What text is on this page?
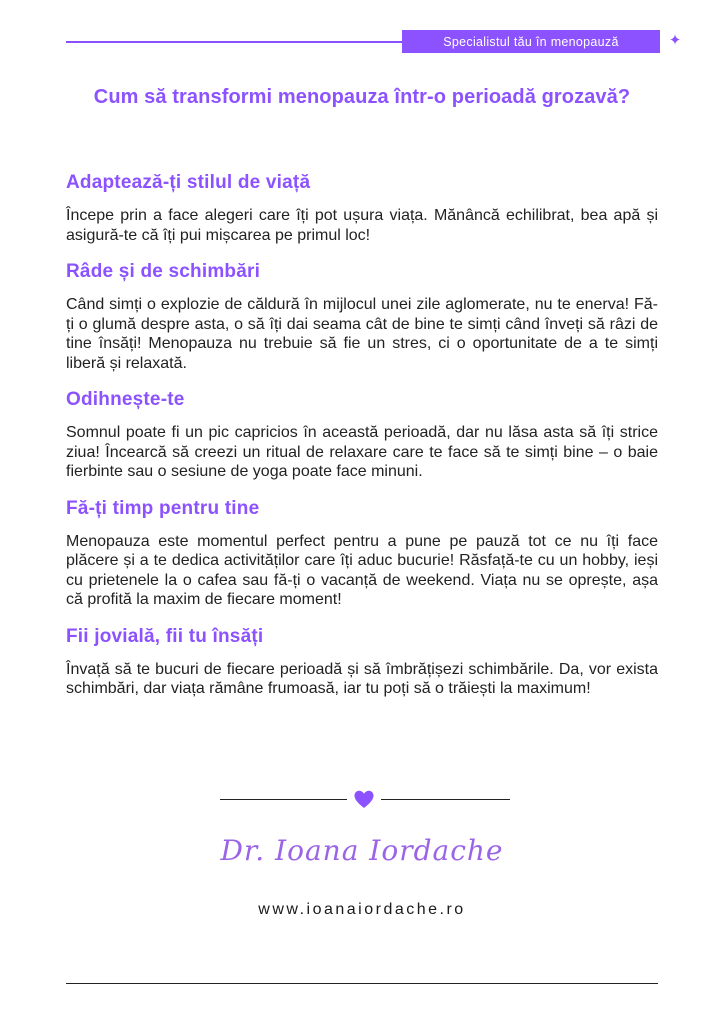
Specialistul tău în menopauză	✦
Cum să transformi menopauza într-o perioadă grozavă?
Adaptează-ți stilul de viață

Începe prin a face alegeri care îți pot ușura viața. Mănâncă echilibrat, bea apă și asigură-te că îți pui mișcarea pe primul loc!

Râde și de schimbări

Când simți o explozie de căldură în mijlocul unei zile aglomerate, nu te enerva! Fă-ți o glumă despre asta, o să îți dai seama cât de bine te simți când înveți să râzi de tine însăți! Menopauza nu trebuie să fie un stres, ci o oportunitate de a te simți liberă și relaxată.

Odihnește-te

Somnul poate fi un pic capricios în această perioadă, dar nu lăsa asta să îți strice ziua! Încearcă să creezi un ritual de relaxare care te face să te simți bine – o baie fierbinte sau o sesiune de yoga poate face minuni.

Fă-ți timp pentru tine

Menopauza este momentul perfect pentru a pune pe pauză tot ce nu îți face plăcere și a te dedica activităților care îți aduc bucurie! Răsfață-te cu un hobby, ieși cu prietenele la o cafea sau fă-ți o vacanță de weekend. Viața nu se oprește, așa că profită la maxim de fiecare moment!

Fii jovială, fii tu însăți

Învață să te bucuri de fiecare perioadă și să îmbrățișezi schimbările. Da, vor exista schimbări, dar viața rămâne frumoasă, iar tu poți să o trăiești la maximum!

Dr. Ioana Iordache
www.ioanaiordache.ro
